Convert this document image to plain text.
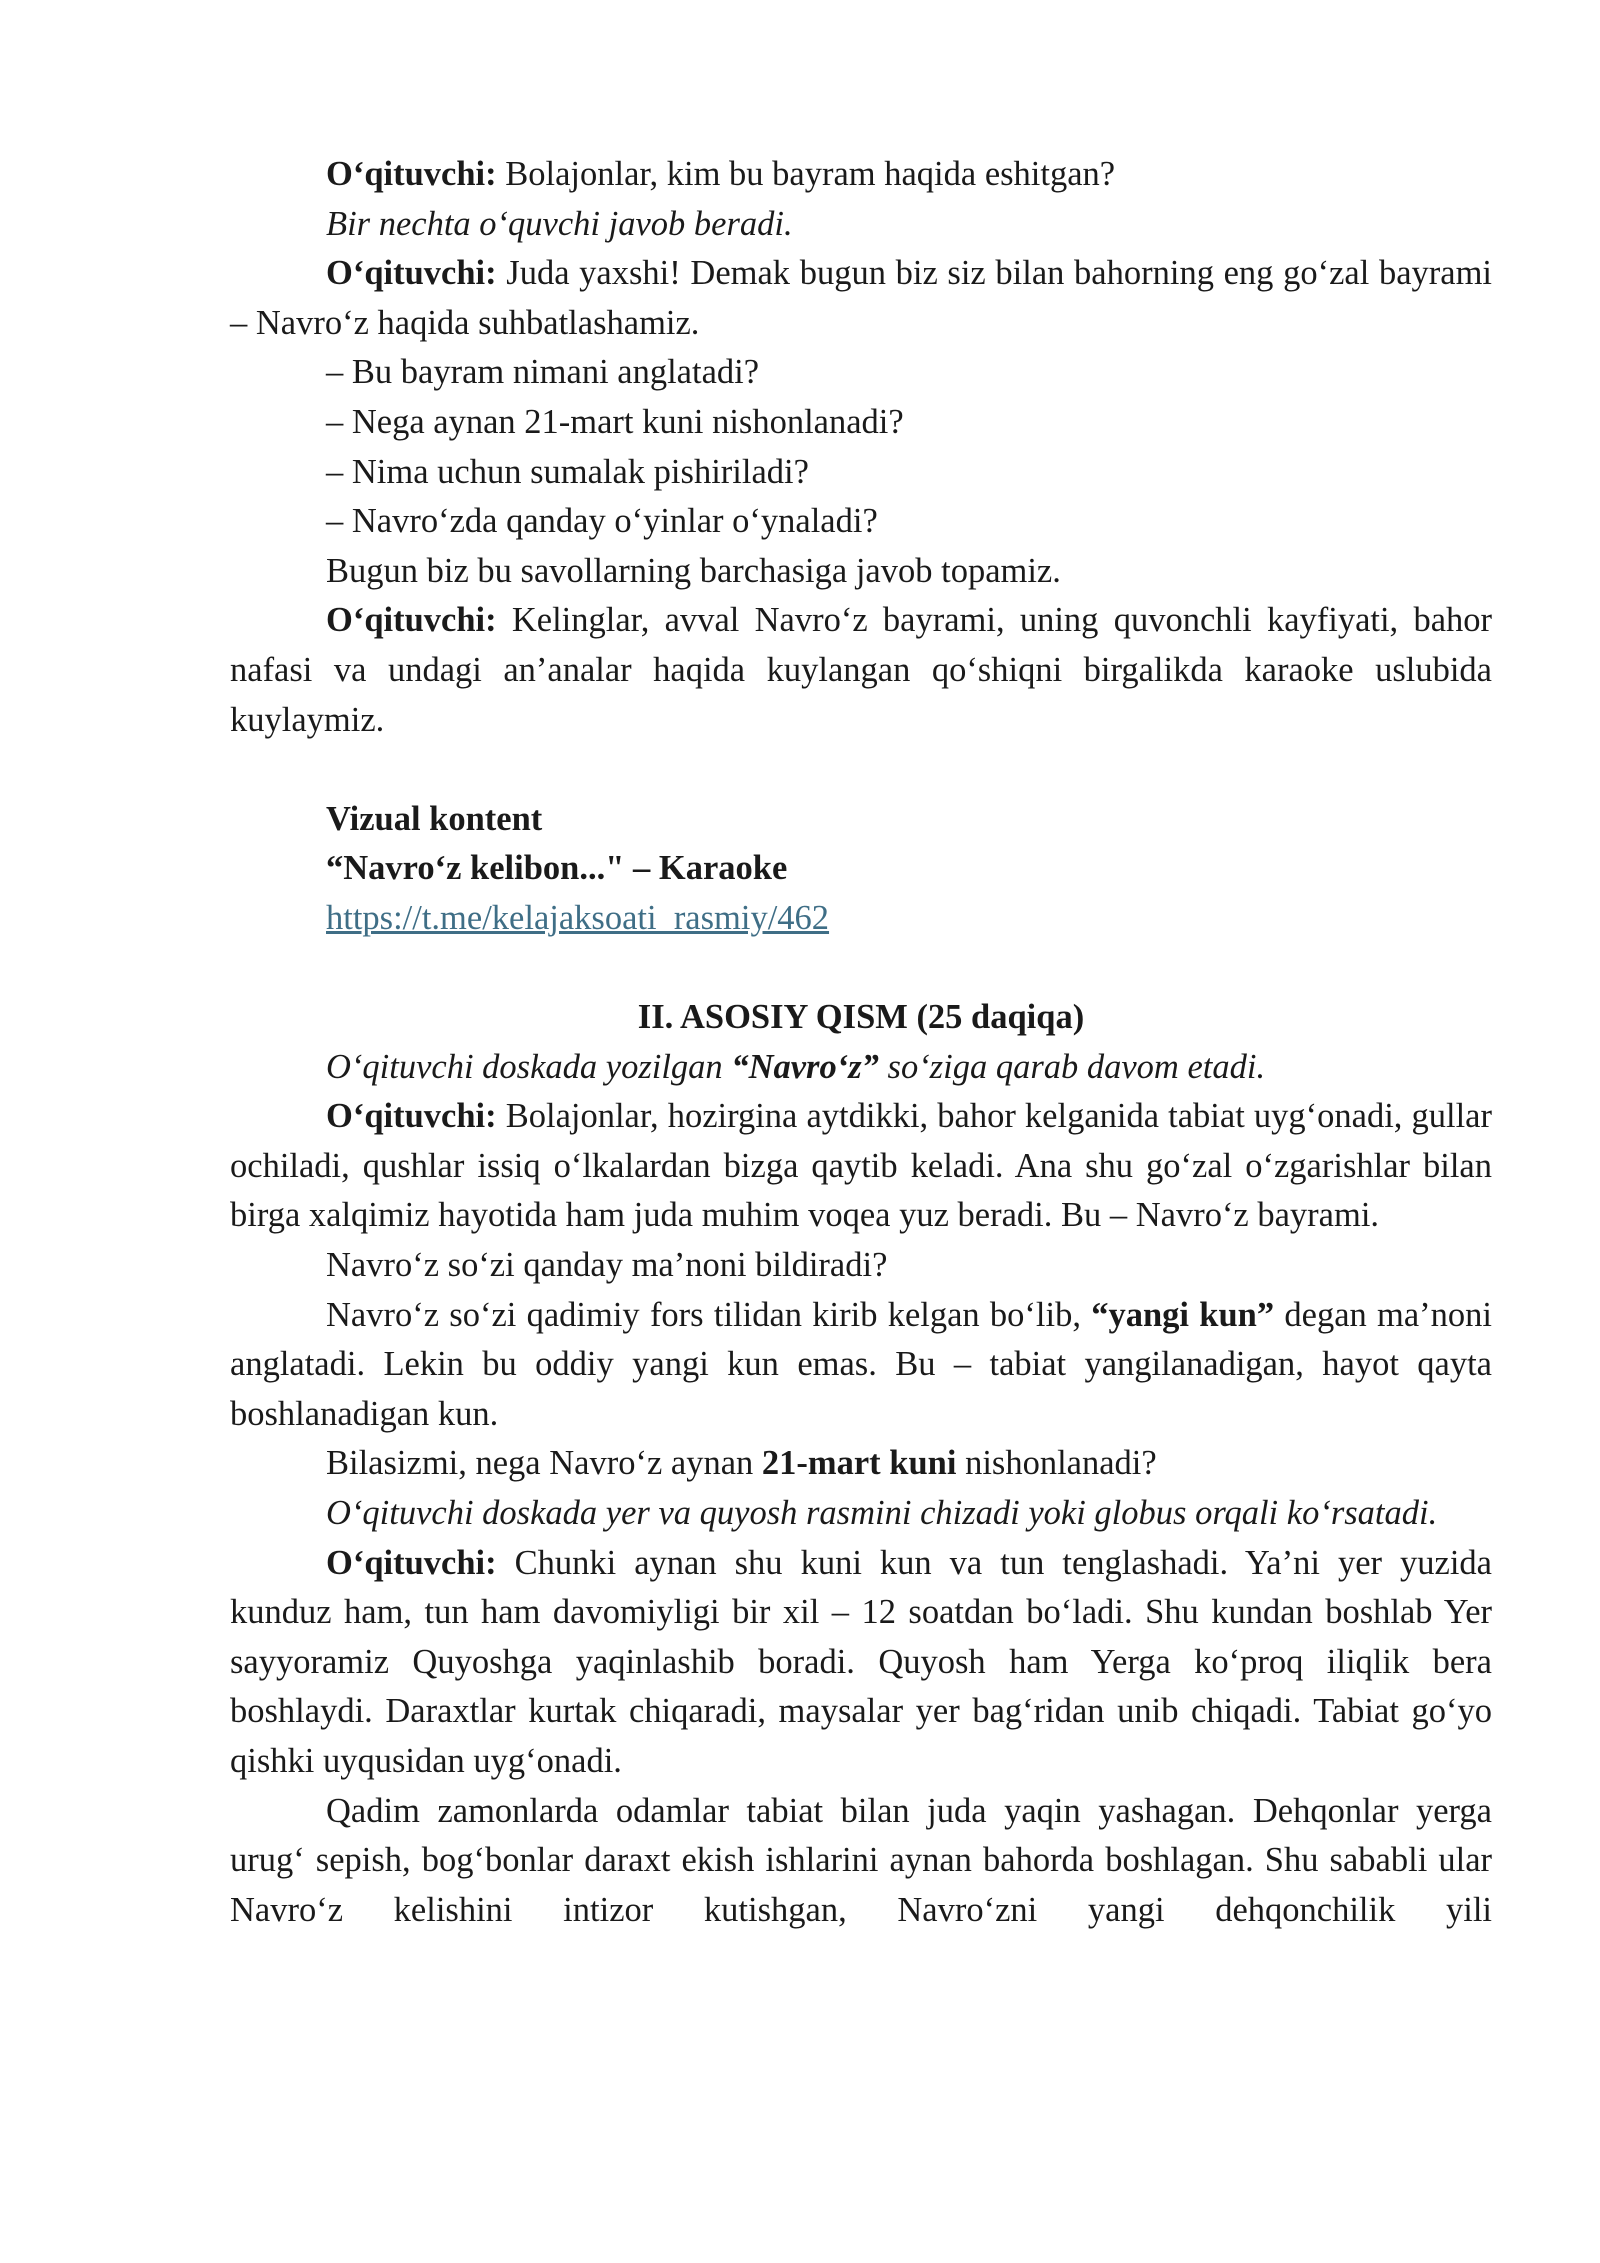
O‘qituvchi: Bolajonlar, kim bu bayram haqida eshitgan?

Bir nechta o‘quvchi javob beradi.

O‘qituvchi: Juda yaxshi! Demak bugun biz siz bilan bahorning eng go‘zal bayrami – Navro‘z haqida suhbatlashamiz.

– Bu bayram nimani anglatadi?

– Nega aynan 21-mart kuni nishonlanadi?

– Nima uchun sumalak pishiriladi?

– Navro‘zda qanday o‘yinlar o‘ynaladi?

Bugun biz bu savollarning barchasiga javob topamiz.

O‘qituvchi: Kelinglar, avval Navro‘z bayrami, uning quvonchli kayfiyati, bahor nafasi va undagi an’analar haqida kuylangan qo‘shiqni birgalikda karaoke uslubida kuylaymiz.

Vizual kontent

“Navro‘z kelibon..." – Karaoke

https://t.me/kelajaksoati_rasmiy/462

II. ASOSIY QISM (25 daqiqa)

O‘qituvchi doskada yozilgan “Navro‘z” so‘ziga qarab davom etadi.

O‘qituvchi: Bolajonlar, hozirgina aytdikki, bahor kelganida tabiat uyg‘onadi, gullar ochiladi, qushlar issiq o‘lkalardan bizga qaytib keladi. Ana shu go‘zal o‘zgarishlar bilan birga xalqimiz hayotida ham juda muhim voqea yuz beradi. Bu – Navro‘z bayrami.

Navro‘z so‘zi qanday ma’noni bildiradi?

Navro‘z so‘zi qadimiy fors tilidan kirib kelgan bo‘lib, “yangi kun” degan ma’noni anglatadi. Lekin bu oddiy yangi kun emas. Bu – tabiat yangilanadigan, hayot qayta boshlanadigan kun.

Bilasizmi, nega Navro‘z aynan 21-mart kuni nishonlanadi?

O‘qituvchi doskada yer va quyosh rasmini chizadi yoki globus orqali ko‘rsatadi.

O‘qituvchi: Chunki aynan shu kuni kun va tun tenglashadi. Ya’ni yer yuzida kunduz ham, tun ham davomiyligi bir xil – 12 soatdan bo‘ladi. Shu kundan boshlab Yer sayyoramiz Quyoshga yaqinlashib boradi. Quyosh ham Yerga ko‘proq iliqlik bera boshlaydi. Daraxtlar kurtak chiqaradi, maysalar yer bag‘ridan unib chiqadi. Tabiat go‘yo qishki uyqusidan uyg‘onadi.

Qadim zamonlarda odamlar tabiat bilan juda yaqin yashagan. Dehqonlar yerga urug‘ sepish, bog‘bonlar daraxt ekish ishlarini aynan bahorda boshlagan. Shu sababli ular Navro‘z kelishini intizor kutishgan, Navro‘zni yangi dehqonchilik yili
